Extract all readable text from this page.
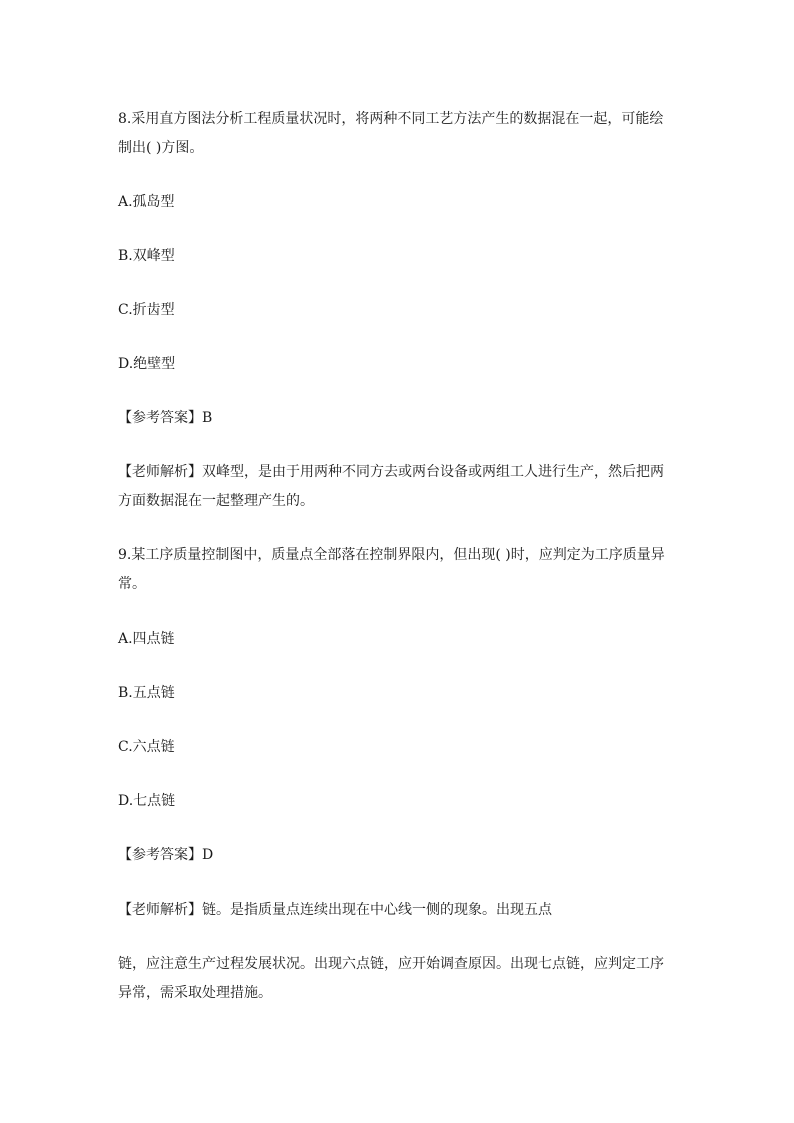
8.采用直方图法分析工程质量状况时，将两种不同工艺方法产生的数据混在一起，可能绘
制出( )方图。
A.孤岛型
B.双峰型
C.折齿型
D.绝壁型
【参考答案】B
【老师解析】双峰型，是由于用两种不同方去或两台设备或两组工人进行生产，然后把两
方面数据混在一起整理产生的。
9.某工序质量控制图中，质量点全部落在控制界限内，但出现( )时，应判定为工序质量异
常。
A.四点链
B.五点链
C.六点链
D.七点链
【参考答案】D
【老师解析】链。是指质量点连续出现在中心线一侧的现象。出现五点
链，应注意生产过程发展状况。出现六点链，应开始调查原因。出现七点链，应判定工序
异常，需采取处理措施。
